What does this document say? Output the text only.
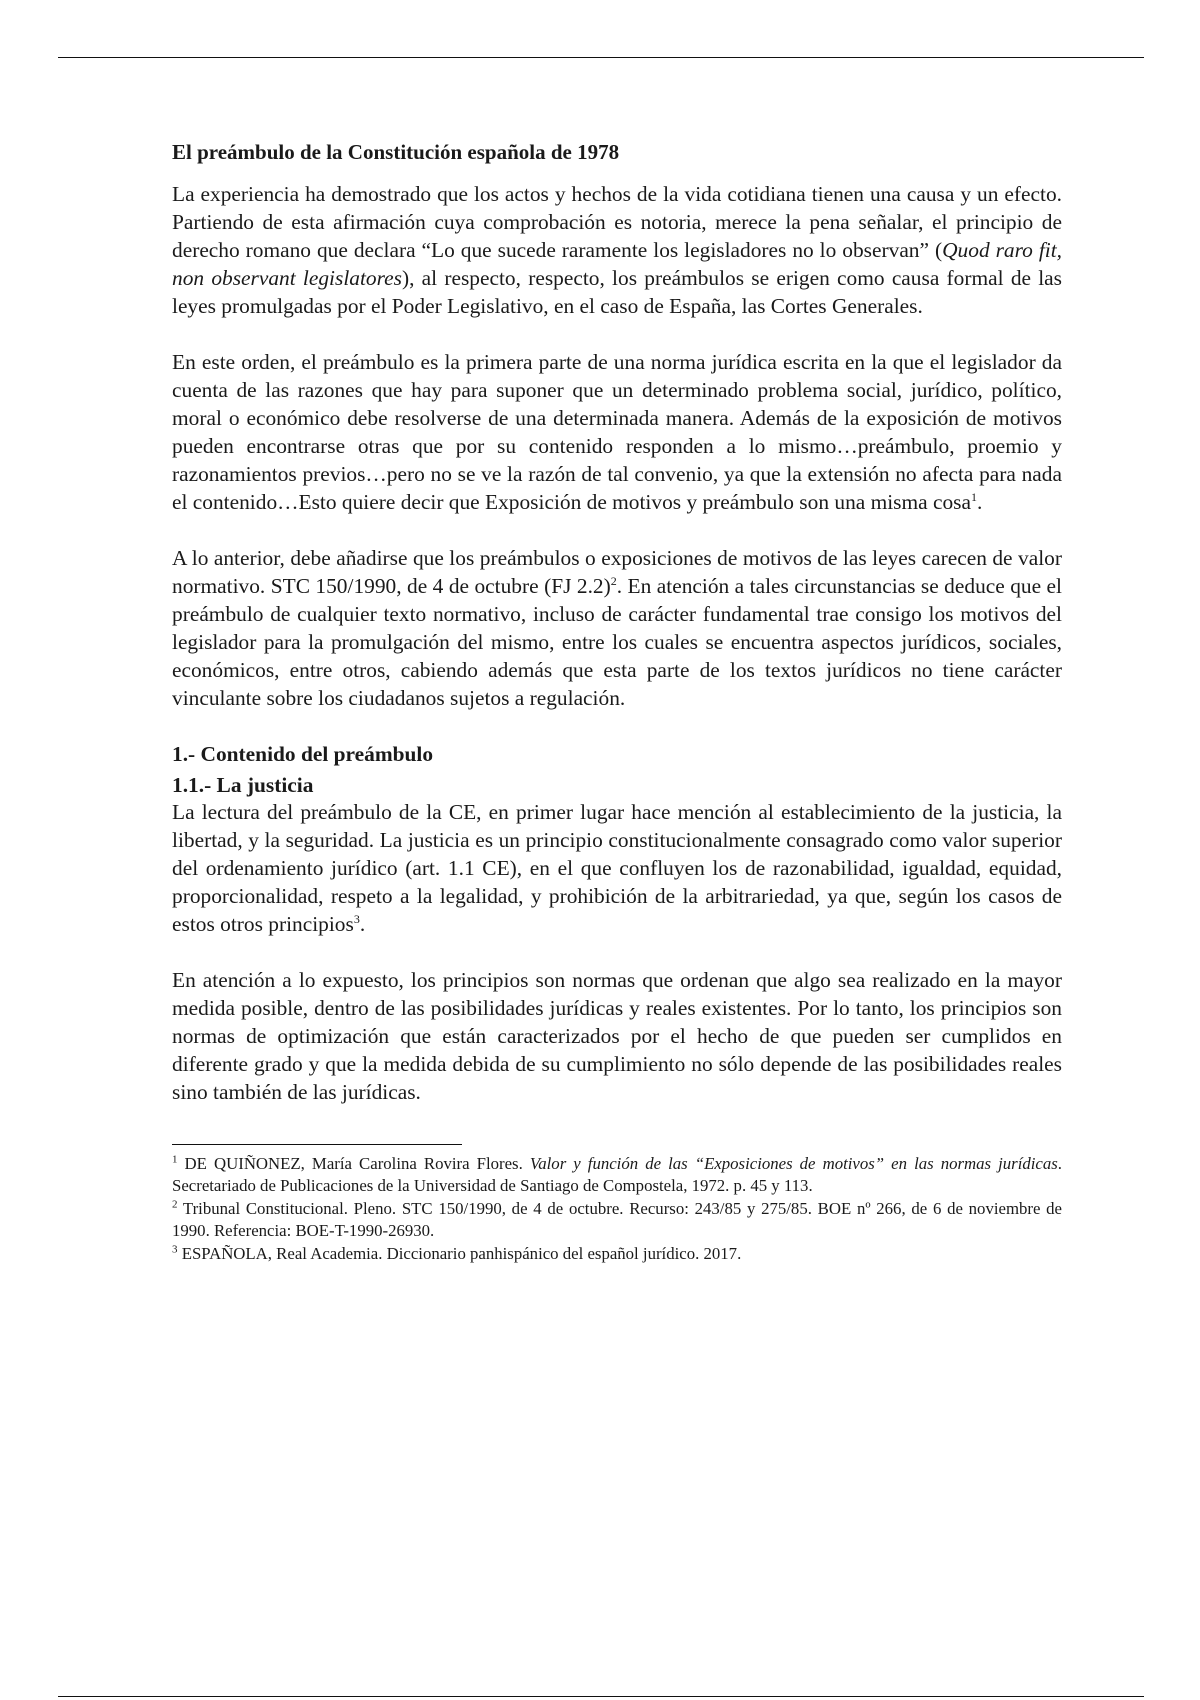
El preámbulo de la Constitución española de 1978

La experiencia ha demostrado que los actos y hechos de la vida cotidiana tienen una causa y un efecto. Partiendo de esta afirmación cuya comprobación es notoria, merece la pena señalar, el principio de derecho romano que declara “Lo que sucede raramente los legisladores no lo observan” (Quod raro fit, non observant legislatores), al respecto, respecto, los preámbulos se erigen como causa formal de las leyes promulgadas por el Poder Legislativo, en el caso de España, las Cortes Generales.

En este orden, el preámbulo es la primera parte de una norma jurídica escrita en la que el legislador da cuenta de las razones que hay para suponer que un determinado problema social, jurídico, político, moral o económico debe resolverse de una determinada manera. Además de la exposición de motivos pueden encontrarse otras que por su contenido responden a lo mismo…preámbulo, proemio y razonamientos previos…pero no se ve la razón de tal convenio, ya que la extensión no afecta para nada el contenido…Esto quiere decir que Exposición de motivos y preámbulo son una misma cosa$^1$.

A lo anterior, debe añadirse que los preámbulos o exposiciones de motivos de las leyes carecen de valor normativo. STC 150/1990, de 4 de octubre (FJ 2.2)$^2$. En atención a tales circunstancias se deduce que el preámbulo de cualquier texto normativo, incluso de carácter fundamental trae consigo los motivos del legislador para la promulgación del mismo, entre los cuales se encuentra aspectos jurídicos, sociales, económicos, entre otros, cabiendo además que esta parte de los textos jurídicos no tiene carácter vinculante sobre los ciudadanos sujetos a regulación.

1.- Contenido del preámbulo
1.1.- La justicia

La lectura del preámbulo de la CE, en primer lugar hace mención al establecimiento de la justicia, la libertad, y la seguridad. La justicia es un principio constitucionalmente consagrado como valor superior del ordenamiento jurídico (art. 1.1 CE), en el que confluyen los de razonabilidad, igualdad, equidad, proporcionalidad, respeto a la legalidad, y prohibición de la arbitrariedad, ya que, según los casos de estos otros principios$^3$.

En atención a lo expuesto, los principios son normas que ordenan que algo sea realizado en la mayor medida posible, dentro de las posibilidades jurídicas y reales existentes. Por lo tanto, los principios son normas de optimización que están caracterizados por el hecho de que pueden ser cumplidos en diferente grado y que la medida debida de su cumplimiento no sólo depende de las posibilidades reales sino también de las jurídicas.

$^1$ DE QUIÑONEZ, María Carolina Rovira Flores. Valor y función de las “Exposiciones de motivos” en las normas jurídicas. Secretariado de Publicaciones de la Universidad de Santiago de Compostela, 1972. p. 45 y 113.
$^2$ Tribunal Constitucional. Pleno. STC 150/1990, de 4 de octubre. Recurso: 243/85 y 275/85. BOE nº 266, de 6 de noviembre de 1990. Referencia: BOE-T-1990-26930.
$^3$ ESPAÑOLA, Real Academia. Diccionario panhispánico del español jurídico. 2017.
